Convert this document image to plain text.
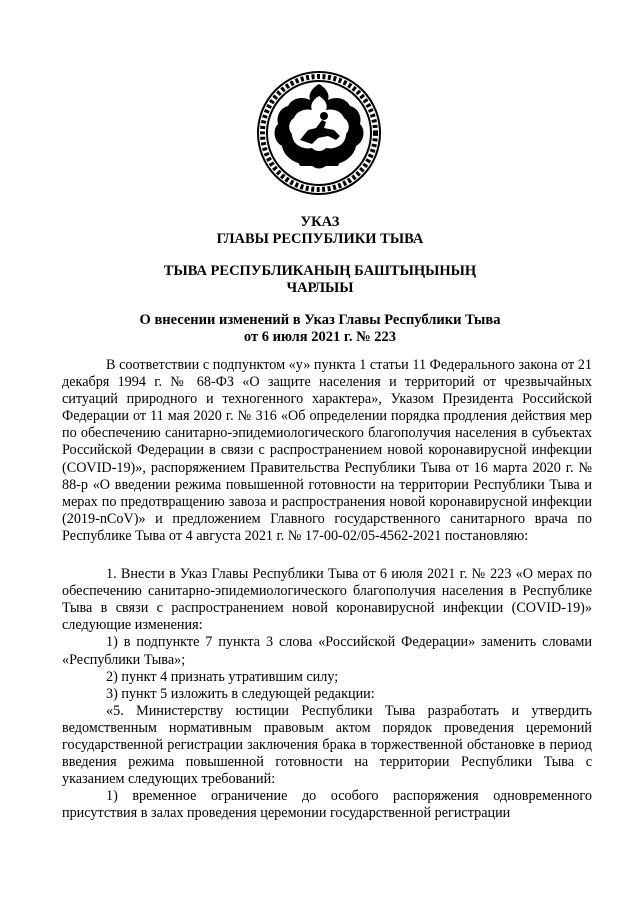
УКАЗ
ГЛАВЫ РЕСПУБЛИКИ ТЫВА
ТЫВА РЕСПУБЛИКАНЫҢ БАШТЫҢЫНЫҢ
ЧАРЛЫЫ
О внесении изменений в Указ Главы Республики Тыва
от 6 июля 2021 г. № 223

В соответствии с подпунктом «у» пункта 1 статьи 11 Федерального закона от 21 декабря 1994 г. № 68-ФЗ «О защите населения и территорий от чрезвычайных ситуаций природного и техногенного характера», Указом Президента Российской Федерации от 11 мая 2020 г. № 316 «Об определении порядка продления действия мер по обеспечению санитарно-эпидемиологического благополучия населения в субъектах Российской Федерации в связи с распространением новой коронавирусной инфекции (COVID-19)», распоряжением Правительства Республики Тыва от 16 марта 2020 г. № 88-р «О введении режима повышенной готовности на территории Республики Тыва и мерах по предотвращению завоза и распространения новой коронавирусной инфекции (2019-nCoV)» и предложением Главного государственного санитарного врача по Республике Тыва от 4 августа 2021 г. № 17-00-02/05-4562-2021 постановляю:

1. Внести в Указ Главы Республики Тыва от 6 июля 2021 г. № 223 «О мерах по обеспечению санитарно-эпидемиологического благополучия населения в Республике Тыва в связи с распространением новой коронавирусной инфекции (COVID-19)» следующие изменения:

1) в подпункте 7 пункта 3 слова «Российской Федерации» заменить словами «Республики Тыва»;

2) пункт 4 признать утратившим силу;

3) пункт 5 изложить в следующей редакции:

«5. Министерству юстиции Республики Тыва разработать и утвердить ведомственным нормативным правовым актом порядок проведения церемоний государственной регистрации заключения брака в торжественной обстановке в период введения режима повышенной готовности на территории Республики Тыва с указанием следующих требований:

1) временное ограничение до особого распоряжения одновременного присутствия в залах проведения церемонии государственной регистрации
